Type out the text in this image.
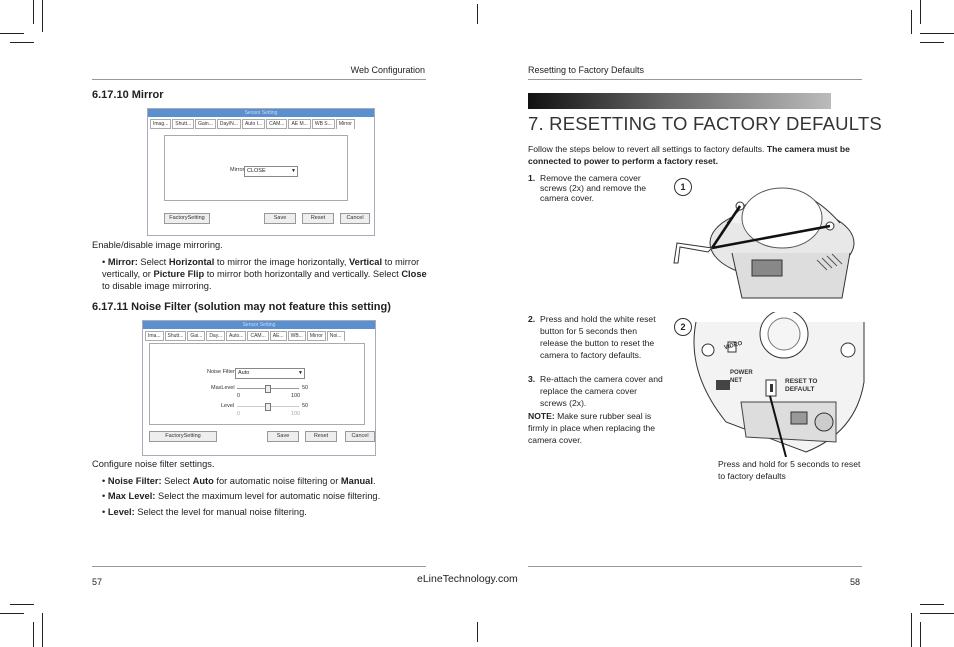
Web Configuration
6.17.10 Mirror
Sensor Setting
Imag...	Shutt...	Gain...	Day/N...	Auto I...	CAM...	AE M...	WB S...	Mirror
Mirror CLOSE	▼
FactorySetting	Save	Reset	Cancel
Enable/disable image mirroring.
• Mirror: Select Horizontal to mirror the image horizontally, Vertical to mirror vertically, or Picture Flip to mirror both horizontally and vertically. Select Close to disable image mirroring.
6.17.11 Noise Filter (solution may not feature this setting)
Sensor Setting
Ima...	Shutt...	Gai...	Day...	Auto...	CAM...	AE...	WB...	Mirror	Noi...
Noise Filter Auto	▼
MaxLevel	50
0	100
Level	50
0	100
FactorySetting	Save	Reset	Cancel
Configure noise filter settings.
• Noise Filter: Select Auto for automatic noise filtering or Manual.
• Max Level: Select the maximum level for automatic noise filtering.
• Level: Select the level for manual noise filtering.
57
Resetting to Factory Defaults
7. RESETTING TO FACTORY DEFAULTS
Follow the steps below to revert all settings to factory defaults. The camera must be connected to power to perform a factory reset.
1. Remove the camera cover screws (2x) and remove the camera cover.
2. Press and hold the white reset button for 5 seconds then release the button to reset the camera to factory defaults.
3. Re-attach the camera cover and replace the camera cover screws (2x).
NOTE: Make sure rubber seal is firmly in place when replacing the camera cover.
1
VIDEO
POWER
NET	RESET TO
DEFAULT
2
Press and hold for 5 seconds to reset to factory defaults
58
eLineTechnology.com
